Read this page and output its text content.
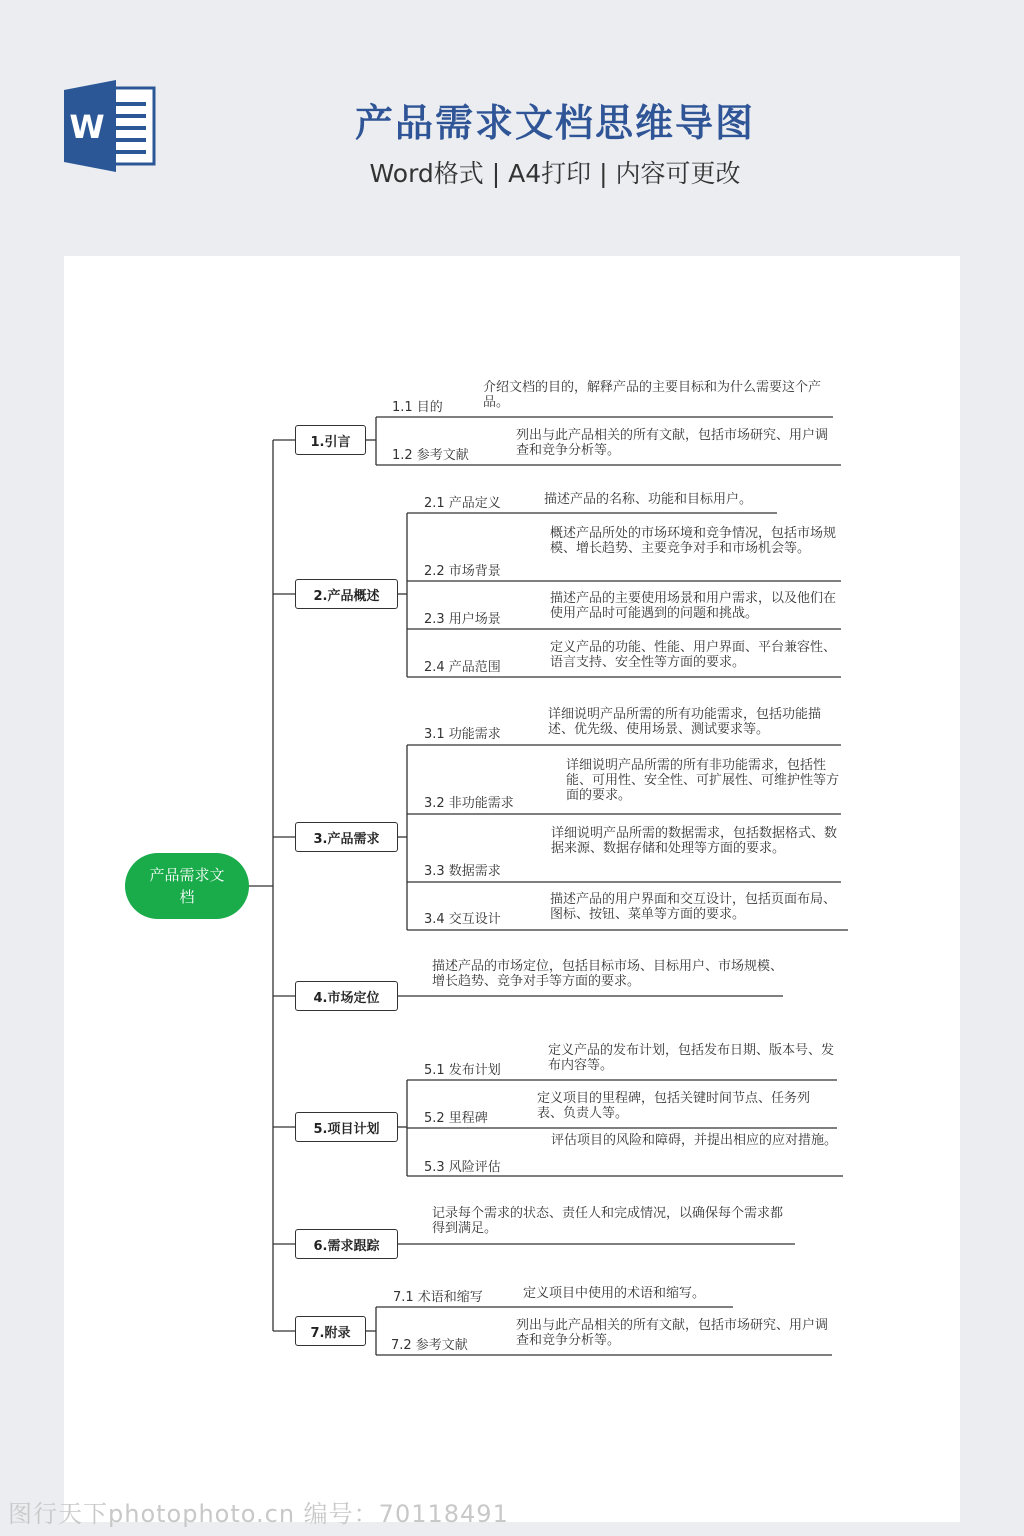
W	产品需求文档思维导图
Word格式 | A4打印 | 内容可更改
产品需求文档
1.引言
1.1 目的
介绍文档的目的，解释产品的主要目标和为什么需要这个产品。
1.2 参考文献
列出与此产品相关的所有文献，包括市场研究、用户调查和竞争分析等。
2.产品概述
2.1 产品定义	描述产品的名称、功能和目标用户。
2.2 市场背景
概述产品所处的市场环境和竞争情况，包括市场规模、增长趋势、主要竞争对手和市场机会等。
2.3 用户场景
描述产品的主要使用场景和用户需求，以及他们在使用产品时可能遇到的问题和挑战。
2.4 产品范围
定义产品的功能、性能、用户界面、平台兼容性、语言支持、安全性等方面的要求。
3.产品需求
3.1 功能需求
详细说明产品所需的所有功能需求，包括功能描述、优先级、使用场景、测试要求等。
3.2 非功能需求
详细说明产品所需的所有非功能需求，包括性能、可用性、安全性、可扩展性、可维护性等方面的要求。
3.3 数据需求
详细说明产品所需的数据需求，包括数据格式、数据来源、数据存储和处理等方面的要求。
3.4 交互设计
描述产品的用户界面和交互设计，包括页面布局、图标、按钮、菜单等方面的要求。
4.市场定位
描述产品的市场定位，包括目标市场、目标用户、市场规模、增长趋势、竞争对手等方面的要求。
5.项目计划
5.1 发布计划
定义产品的发布计划，包括发布日期、版本号、发布内容等。
5.2 里程碑
定义项目的里程碑，包括关键时间节点、任务列表、负责人等。
5.3 风险评估
评估项目的风险和障碍，并提出相应的应对措施。
6.需求跟踪
记录每个需求的状态、责任人和完成情况，以确保每个需求都得到满足。
7.附录
7.1 术语和缩写	定义项目中使用的术语和缩写。
7.2 参考文献
列出与此产品相关的所有文献，包括市场研究、用户调查和竞争分析等。
图行天下photophoto.cn 编号：70118491
